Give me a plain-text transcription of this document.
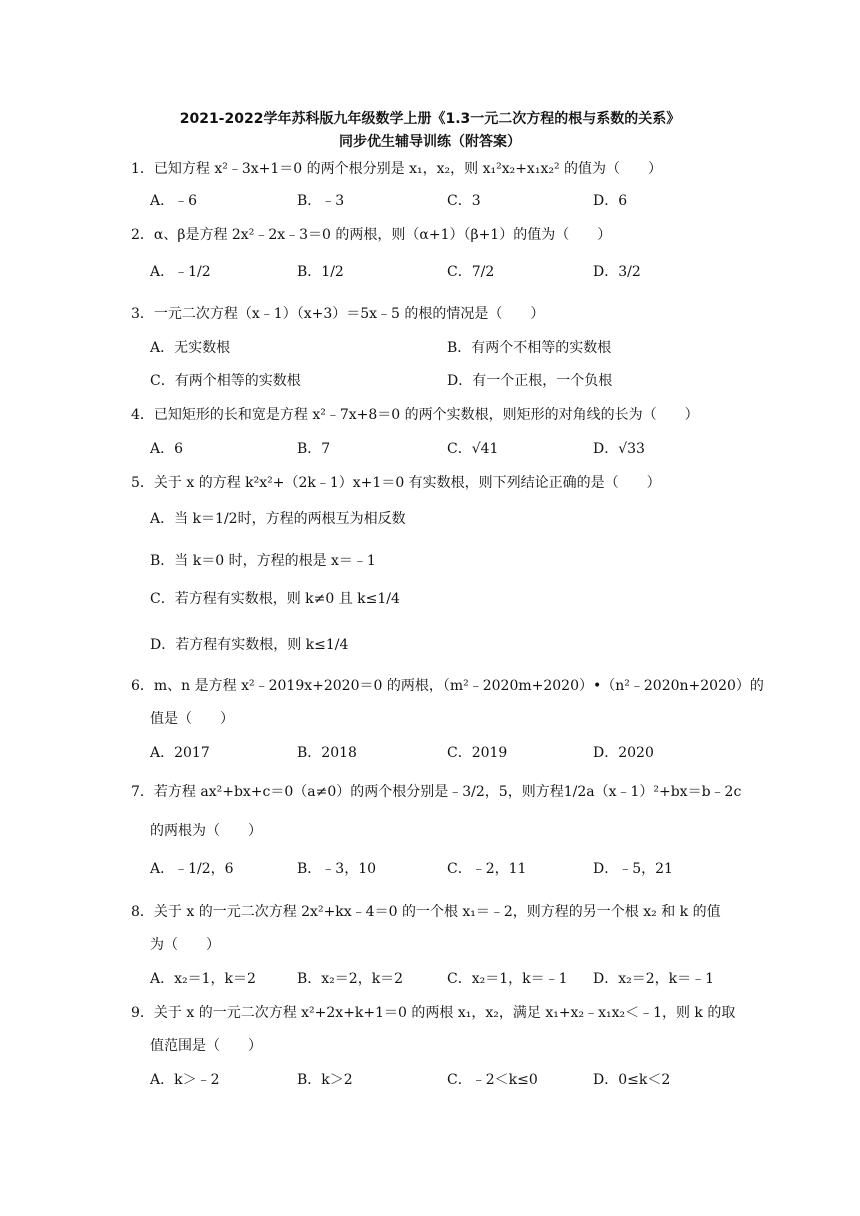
2021-2022学年苏科版九年级数学上册《1.3一元二次方程的根与系数的关系》
同步优生辅导训练（附答案）
1．已知方程 x²﹣3x+1＝0 的两个根分别是 x₁，x₂，则 x₁²x₂+x₁x₂² 的值为（　　）
A．﹣6	B．﹣3	C．3	D．6
2．α、β是方程 2x²﹣2x﹣3＝0 的两根，则（α+1）（β+1）的值为（　　）
A．﹣1/2	B．1/2	C．7/2	D．3/2
3．一元二次方程（x﹣1）（x+3）＝5x﹣5 的根的情况是（　　）
A．无实数根	B．有两个不相等的实数根
C．有两个相等的实数根	D．有一个正根，一个负根
4．已知矩形的长和宽是方程 x²﹣7x+8＝0 的两个实数根，则矩形的对角线的长为（　　）
A．6	B．7	C．√41	D．√33
5．关于 x 的方程 k²x²+（2k﹣1）x+1＝0 有实数根，则下列结论正确的是（　　）
A．当 k＝1/2时，方程的两根互为相反数
B．当 k＝0 时，方程的根是 x＝﹣1
C．若方程有实数根，则 k≠0 且 k≤1/4
D．若方程有实数根，则 k≤1/4
6．m、n 是方程 x²﹣2019x+2020＝0 的两根，（m²﹣2020m+2020）•（n²﹣2020n+2020）的
值是（　　）
A．2017	B．2018	C．2019	D．2020
7．若方程 ax²+bx+c＝0（a≠0）的两个根分别是﹣3/2，5，则方程1/2a（x﹣1）²+bx＝b﹣2c
的两根为（　　）
A．﹣1/2，6	B．﹣3，10	C．﹣2，11	D．﹣5，21
8．关于 x 的一元二次方程 2x²+kx﹣4＝0 的一个根 x₁＝﹣2，则方程的另一个根 x₂ 和 k 的值
为（　　）
A．x₂＝1，k＝2	B．x₂＝2，k＝2	C．x₂＝1，k＝﹣1 D．x₂＝2，k＝﹣1
9．关于 x 的一元二次方程 x²+2x+k+1＝0 的两根 x₁，x₂，满足 x₁+x₂﹣x₁x₂＜﹣1，则 k 的取
值范围是（　　）
A．k＞﹣2	B．k＞2	C．﹣2＜k≤0	D．0≤k＜2
